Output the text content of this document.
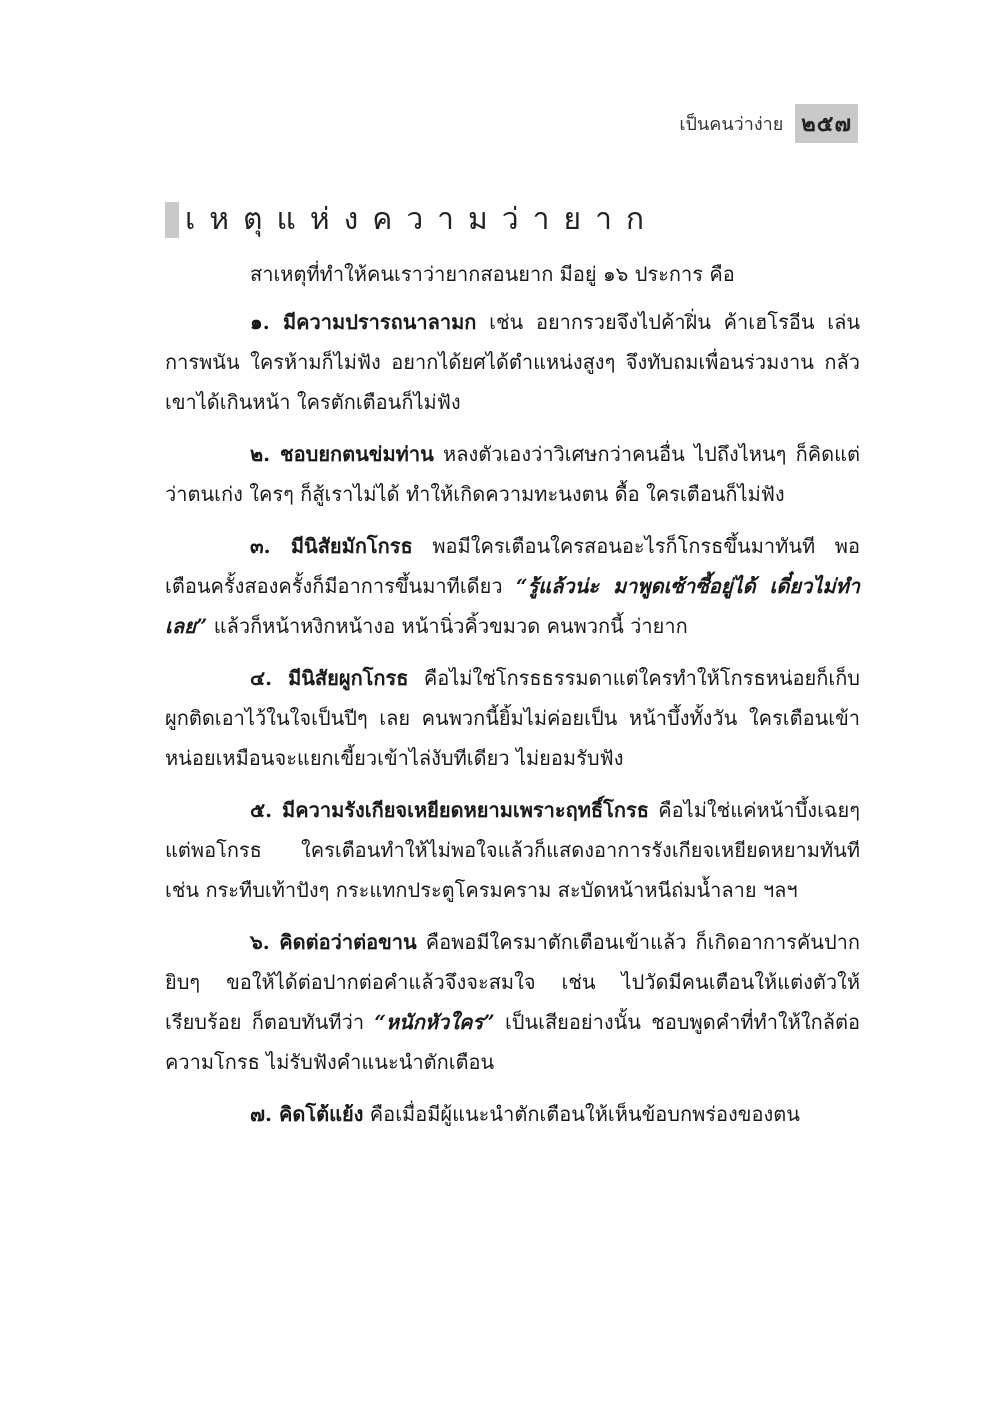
เป็นคนว่าง่าย ๒๕๗
เหตุแห่งความว่ายาก

สาเหตุที่ทำให้คนเราว่ายากสอนยาก มีอยู่ ๑๖ ประการ คือ

๑. มีความปรารถนาลามก เช่น อยากรวยจึงไปค้าฝิ่น ค้าเฮโรอีน เล่นการพนัน ใครห้ามก็ไม่ฟัง อยากได้ยศได้ตำแหน่งสูงๆ จึงทับถมเพื่อนร่วมงาน กลัวเขาได้เกินหน้า ใครตักเตือนก็ไม่ฟัง

๒. ชอบยกตนข่มท่าน หลงตัวเองว่าวิเศษกว่าคนอื่น ไปถึงไหนๆ ก็คิดแต่ว่าตนเก่ง ใครๆ ก็สู้เราไม่ได้ ทำให้เกิดความทะนงตน ดื้อ ใครเตือนก็ไม่ฟัง

๓. มีนิสัยมักโกรธ พอมีใครเตือนใครสอนอะไรก็โกรธขึ้นมาทันที พอเตือนครั้งสองครั้งก็มีอาการขึ้นมาทีเดียว “รู้แล้วน่ะ มาพูดเซ้าซี้อยู่ได้ เดี๋ยวไม่ทำเลย” แล้วก็หน้าหงิกหน้างอ หน้านิ่วคิ้วขมวด คนพวกนี้ ว่ายาก

๔. มีนิสัยผูกโกรธ คือไม่ใช่โกรธธรรมดาแต่ใครทำให้โกรธหน่อยก็เก็บผูกติดเอาไว้ในใจเป็นปีๆ เลย คนพวกนี้ยิ้มไม่ค่อยเป็น หน้าบึ้งทั้งวัน ใครเตือนเข้าหน่อยเหมือนจะแยกเขี้ยวเข้าไล่งับทีเดียว ไม่ยอมรับฟัง

๕. มีความรังเกียจเหยียดหยามเพราะฤทธิ์โกรธ คือไม่ใช่แค่หน้าบึ้งเฉยๆ แต่พอโกรธ ใครเตือนทำให้ไม่พอใจแล้วก็แสดงอาการรังเกียจเหยียดหยามทันที เช่น กระทืบเท้าปังๆ กระแทกประตูโครมคราม สะบัดหน้าหนีถ่มน้ำลาย ฯลฯ

๖. คิดต่อว่าต่อขาน คือพอมีใครมาตักเตือนเข้าแล้ว ก็เกิดอาการคันปากยิบๆ ขอให้ได้ต่อปากต่อคำแล้วจึงจะสมใจ เช่น ไปวัดมีคนเตือนให้แต่งตัวให้เรียบร้อย ก็ตอบทันทีว่า “หนักหัวใคร” เป็นเสียอย่างนั้น ชอบพูดคำที่ทำให้ใกล้ต่อความโกรธ ไม่รับฟังคำแนะนำตักเตือน

๗. คิดโต้แย้ง คือเมื่อมีผู้แนะนำตักเตือนให้เห็นข้อบกพร่องของตน
